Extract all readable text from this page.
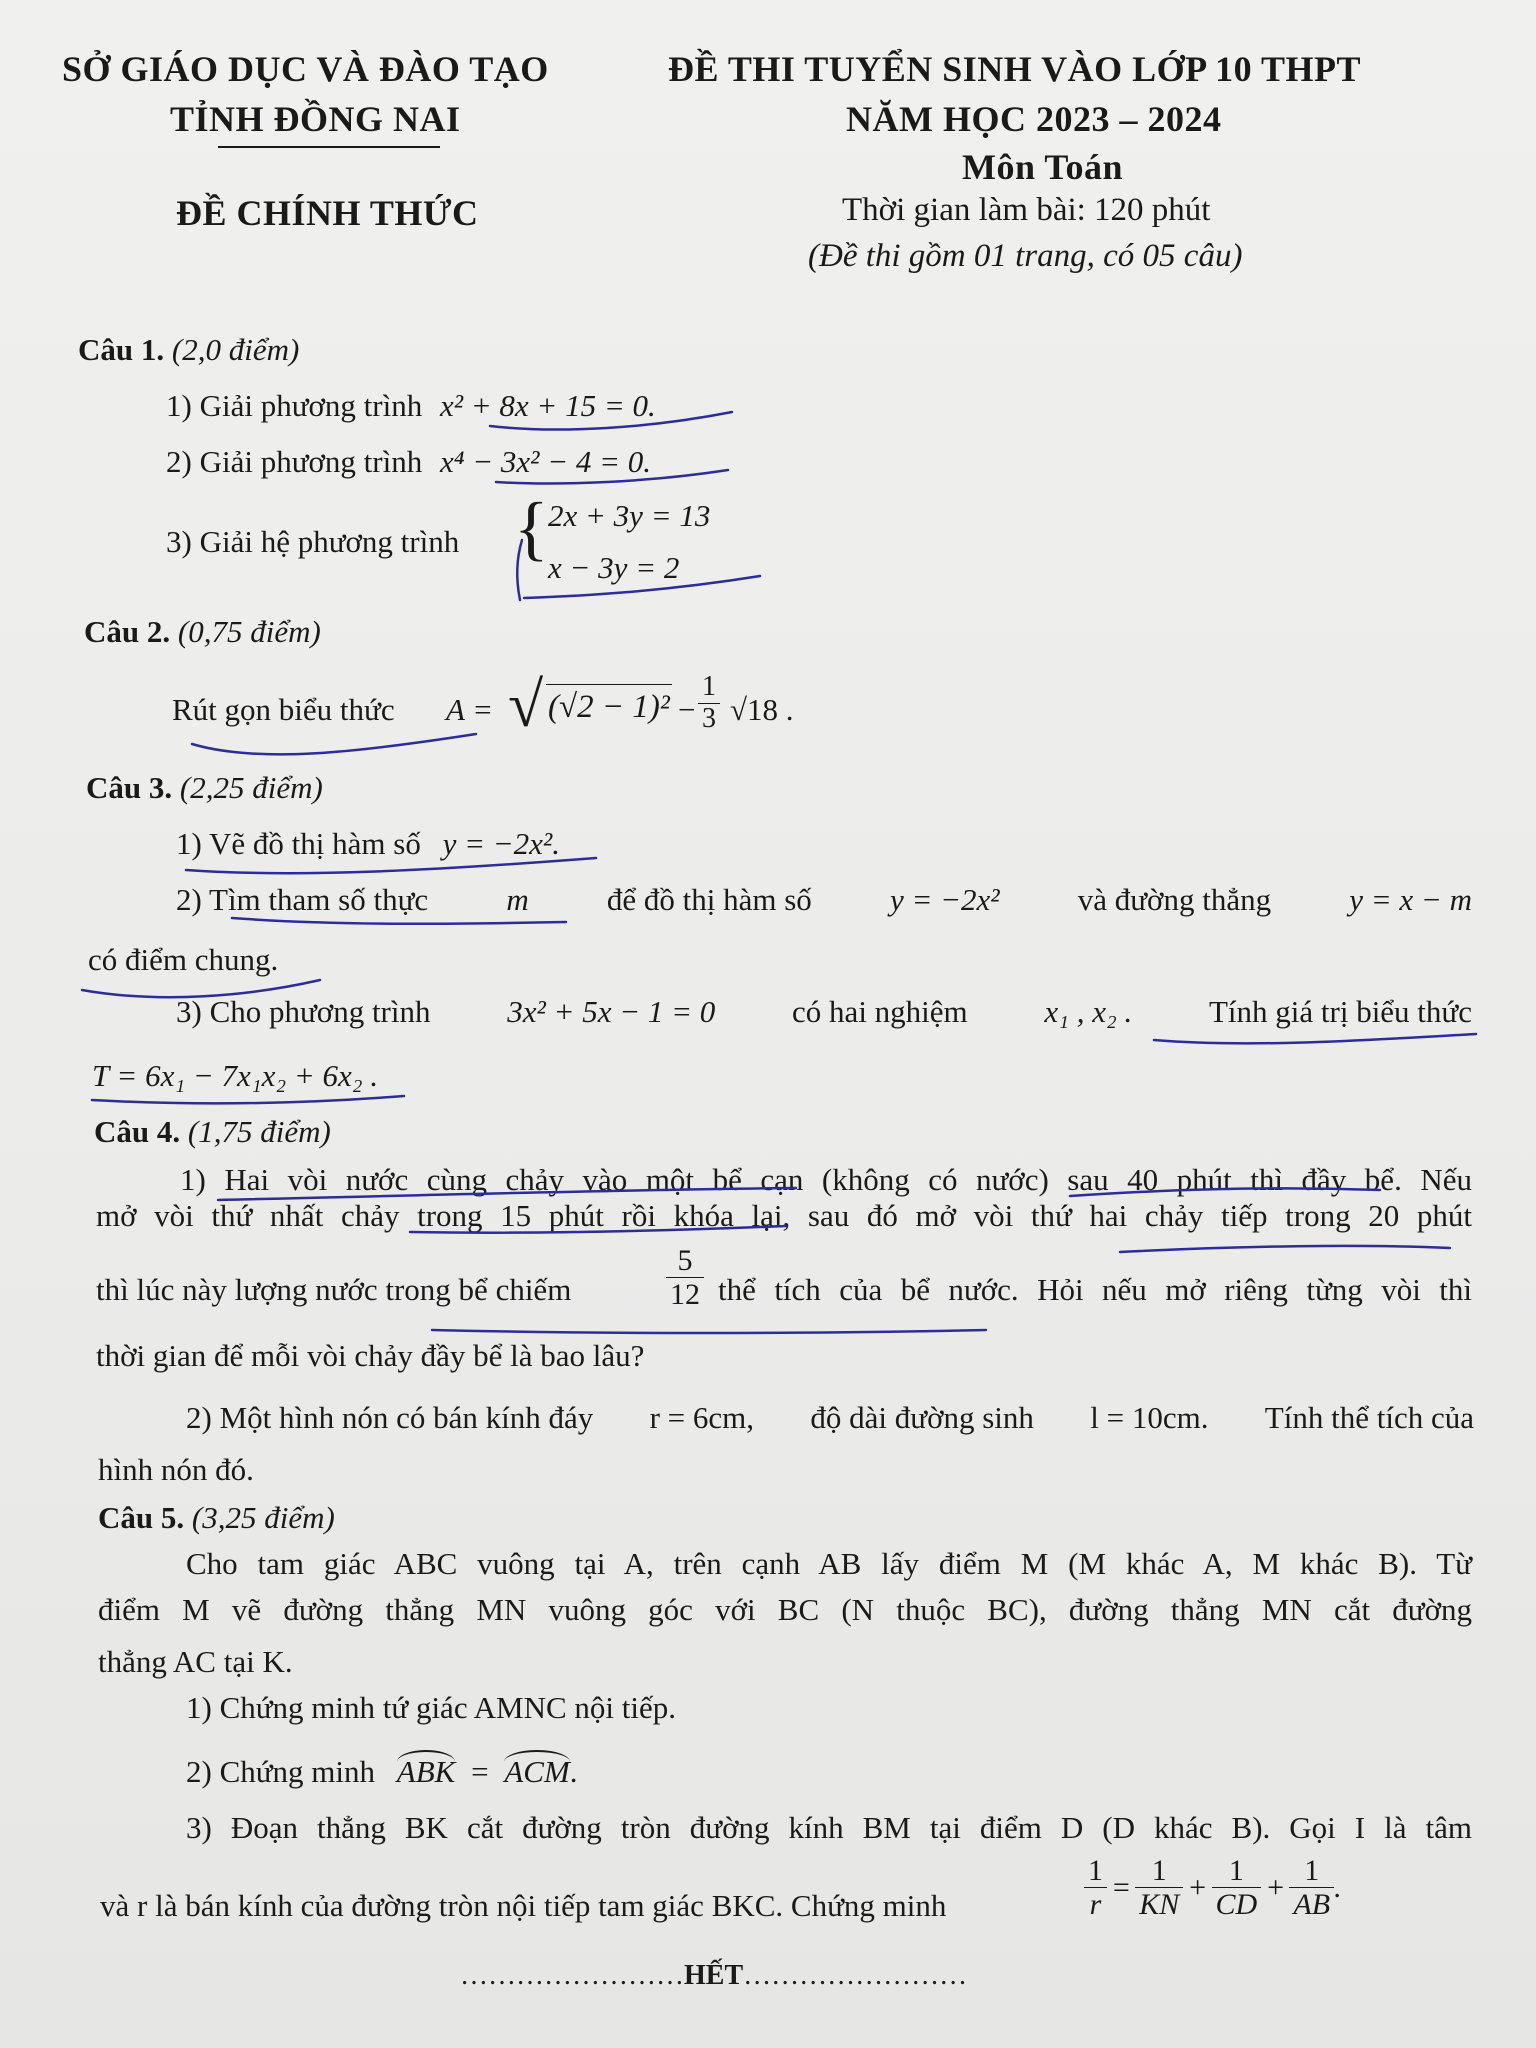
SỞ GIÁO DỤC VÀ ĐÀO TẠO
TỈNH ĐỒNG NAI
ĐỀ CHÍNH THỨC
ĐỀ THI TUYỂN SINH VÀO LỚP 10 THPT
NĂM HỌC 2023 – 2024
Môn Toán
Thời gian làm bài: 120 phút
(Đề thi gồm 01 trang, có 05 câu)
Câu 1. (2,0 điểm)
1) Giải phương trình x² + 8x + 15 = 0.
2) Giải phương trình x⁴ − 3x² − 4 = 0.
3) Giải hệ phương trình { 2x + 3y = 13
x − 3y = 2
Câu 2. (0,75 điểm)
Rút gọn biểu thức A = √ $(√2 - 1)^2 - \frac{1}{3} √18$ .
Câu 3. (2,25 điểm)
1) Vẽ đồ thị hàm số y = −2x².
2) Tìm tham số thực	m	để đồ thị hàm số	y = −2x²	và đường thẳng	y = x − m
có điểm chung.
3) Cho phương trình 3x² + 5x − 1 = 0 có hai nghiệm x₁ , x₂ . Tính giá trị biểu thức
T = 6x₁ − 7x₁x₂ + 6x₂ .
Câu 4. (1,75 điểm)
1) Hai vòi nước cùng chảy vào một bể cạn (không có nước) sau 40 phút thì đầy bể. Nếu
mở vòi thứ nhất chảy trong 15 phút rồi khóa lại, sau đó mở vòi thứ hai chảy tiếp trong 20 phút
thì lúc này lượng nước trong bể chiếm	$\frac{5}{12}$ thể tích của bể nước. Hỏi nếu mở riêng từng vòi thì
thời gian để mỗi vòi chảy đầy bể là bao lâu?
2) Một hình nón có bán kính đáy r = 6cm, độ dài đường sinh l = 10cm. Tính thể tích của
hình nón đó.
Câu 5. (3,25 điểm)
Cho tam giác ABC vuông tại A, trên cạnh AB lấy điểm M (M khác A, M khác B). Từ
điểm M vẽ đường thẳng MN vuông góc với BC (N thuộc BC), đường thẳng MN cắt đường
thẳng AC tại K.
1) Chứng minh tứ giác AMNC nội tiếp.
2) Chứng minh ABK = ACM.
3) Đoạn thẳng BK cắt đường tròn đường kính BM tại điểm D (D khác B). Gọi I là tâm
và r là bán kính của đường tròn nội tiếp tam giác BKC. Chứng minh	$\frac{1}{r} = \frac{1}{KN} + \frac{1}{CD} + \frac{1}{AB}$ .
……………………HẾT……………………
